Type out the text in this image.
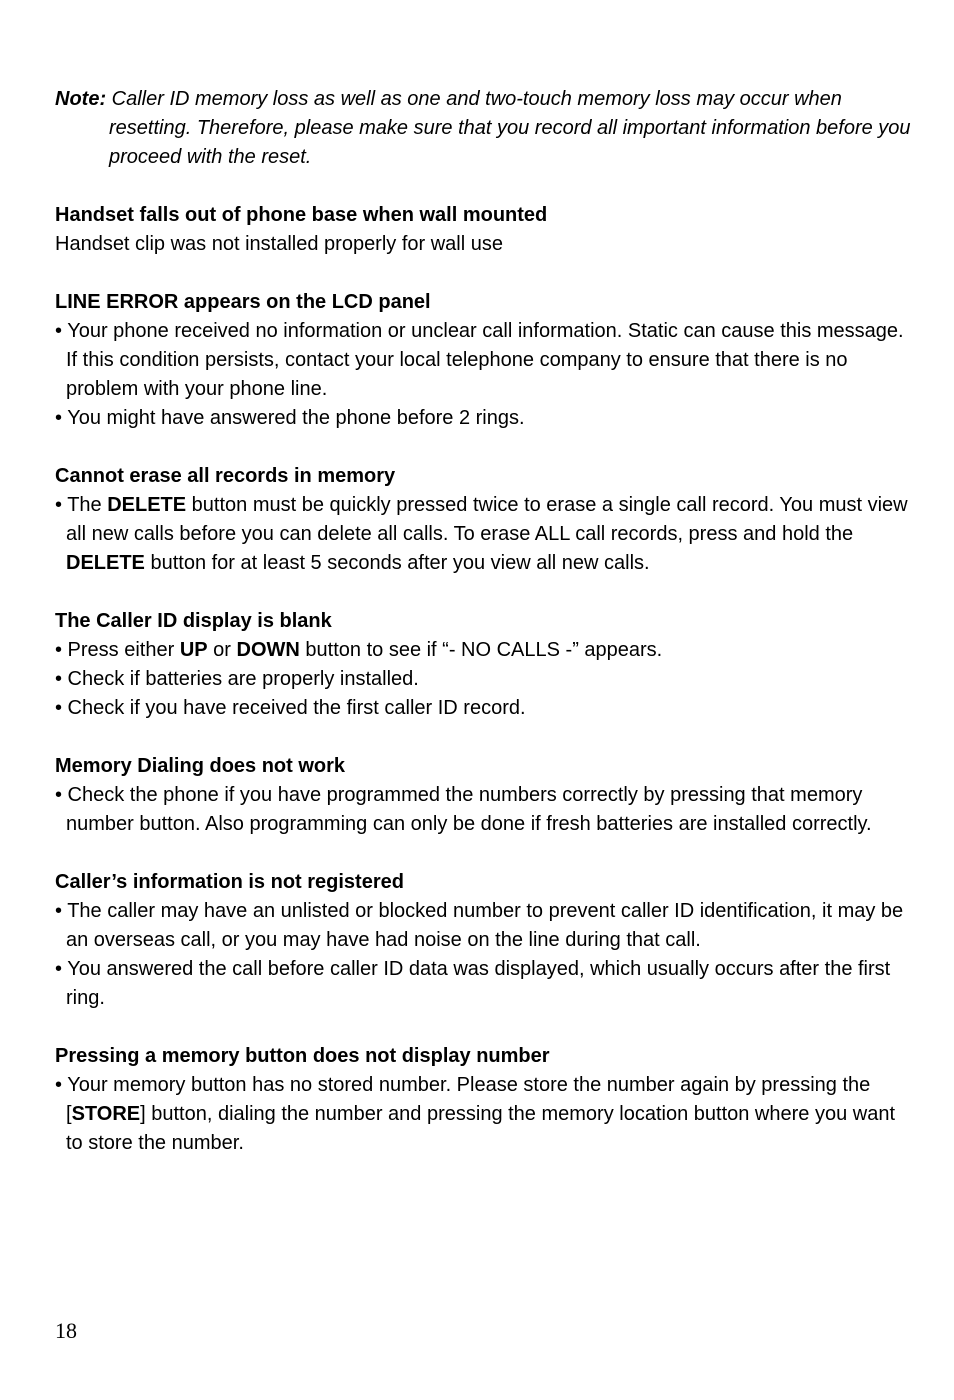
Note: Caller ID memory loss as well as one and two-touch memory loss may occur when resetting. Therefore, please make sure that you record all important information before you proceed with the reset.

Handset falls out of phone base when wall mounted

Handset clip was not installed properly for wall use

LINE ERROR appears on the LCD panel

• Your phone received no information or unclear call information. Static can cause this message. If this condition persists, contact your local telephone company to ensure that there is no problem with your phone line.

• You might have answered the phone before 2 rings.

Cannot erase all records in memory

• The DELETE button must be quickly pressed twice to erase a single call record. You must view all new calls before you can delete all calls. To erase ALL call records, press and hold the DELETE button for at least 5 seconds after you view all new calls.

The Caller ID display is blank

• Press either UP or DOWN button to see if “- NO CALLS -” appears.

• Check if batteries are properly installed.

• Check if you have received the first caller ID record.

Memory Dialing does not work

• Check the phone if you have programmed the numbers correctly by pressing that memory number button. Also programming can only be done if fresh batteries are installed correctly.

Caller’s information is not registered

• The caller may have an unlisted or blocked number to prevent caller ID identification, it may be an overseas call, or you may have had noise on the line during that call.

• You answered the call before caller ID data was displayed, which usually occurs after the first ring.

Pressing a memory button does not display number

• Your memory button has no stored number. Please store the number again by pressing the [STORE] button, dialing the number and pressing the memory location button where you want to store the number.

18
